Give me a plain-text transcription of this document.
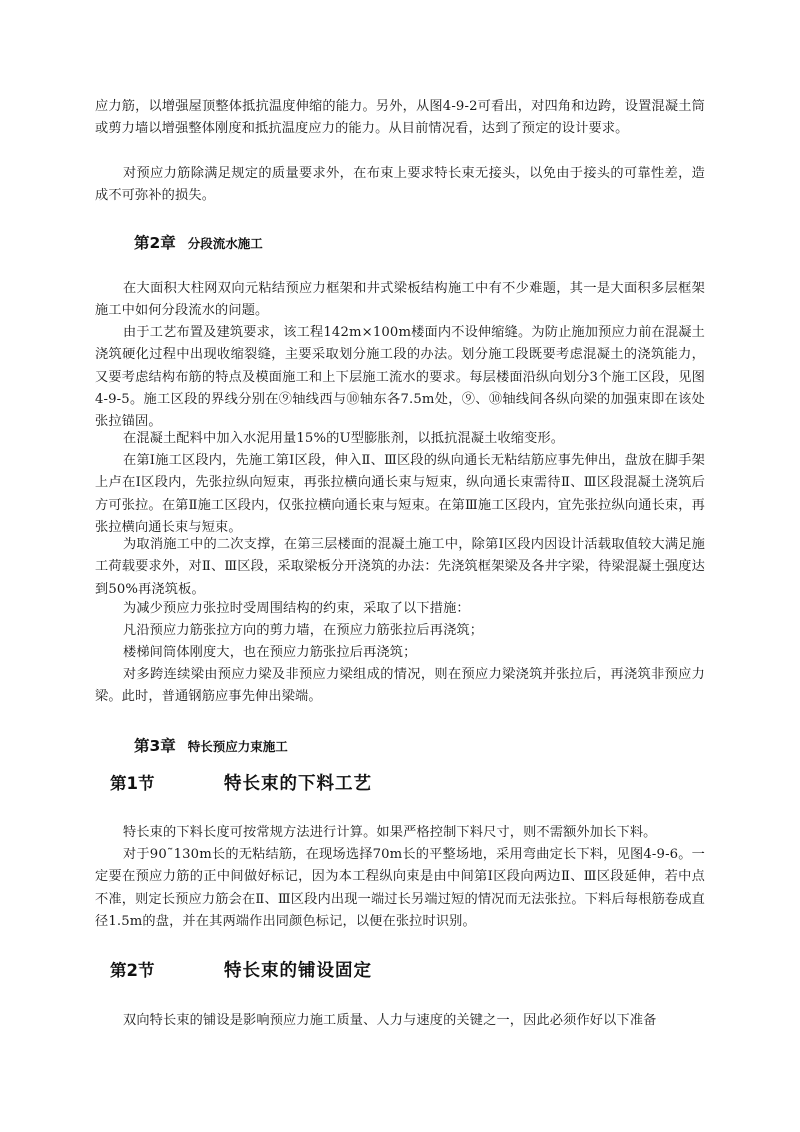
应力筋，以增强屋顶整体抵抗温度伸缩的能力。另外，从图4-9-2可看出，对四角和边跨，设置混凝土筒或剪力墙以增强整体刚度和抵抗温度应力的能力。从目前情况看，达到了预定的设计要求。

对预应力筋除满足规定的质量要求外，在布束上要求特长束无接头，以免由于接头的可靠性差，造成不可弥补的损失。

第2章 分段流水施工

在大面积大柱网双向元粘结预应力框架和井式梁板结构施工中有不少难题，其一是大面积多层框架施工中如何分段流水的问题。

由于工艺布置及建筑要求，该工程142m×100m楼面内不设伸缩缝。为防止施加预应力前在混凝土浇筑硬化过程中出现收缩裂缝，主要采取划分施工段的办法。划分施工段既要考虑混凝土的浇筑能力，又要考虑结构布筋的特点及模面施工和上下层施工流水的要求。每层楼面沿纵向划分3个施工区段，见图4-9-5。施工区段的界线分别在⑨轴线西与⑩轴东各7.5m处，⑨、⑩轴线间各纵向梁的加强束即在该处张拉锚固。

在混凝土配料中加入水泥用量15%的U型膨胀剂，以抵抗混凝土收缩变形。

在第Ⅰ施工区段内，先施工第Ⅰ区段，伸入Ⅱ、Ⅲ区段的纵向通长无粘结筋应事先伸出，盘放在脚手架上卢在Ⅰ区段内，先张拉纵向短束，再张拉横向通长束与短束，纵向通长束需待Ⅱ、Ⅲ区段混凝土浇筑后方可张拉。在第Ⅱ施工区段内，仅张拉横向通长束与短束。在第Ⅲ施工区段内，宜先张拉纵向通长束，再张拉横向通长束与短束。

为取消施工中的二次支撑，在第三层楼面的混凝土施工中，除第Ⅰ区段内因设计活载取值较大满足施工荷载要求外，对Ⅱ、Ⅲ区段，采取梁板分开浇筑的办法：先浇筑框架梁及各井字梁，待梁混凝土强度达到50%再浇筑板。

为减少预应力张拉时受周围结构的约束，采取了以下措施：

凡沿预应力筋张拉方向的剪力墙，在预应力筋张拉后再浇筑；

楼梯间筒体刚度大，也在预应力筋张拉后再浇筑；

对多跨连续梁由预应力梁及非预应力梁组成的情况，则在预应力梁浇筑并张拉后，再浇筑非预应力梁。此时，普通钢筋应事先伸出梁端。

第3章 特长预应力束施工
第1节	特长束的下料工艺

特长束的下料长度可按常规方法进行计算。如果严格控制下料尺寸，则不需额外加长下料。

对于90˜130m长的无粘结筋，在现场选择70m长的平整场地，采用弯曲定长下料，见图4-9-6。一定要在预应力筋的正中间做好标记，因为本工程纵向束是由中间第Ⅰ区段向两边Ⅱ、Ⅲ区段延伸，若中点不准，则定长预应力筋会在Ⅱ、Ⅲ区段内出现一端过长另端过短的情况而无法张拉。下料后每根筋卷成直径1.5m的盘，并在其两端作出同颜色标记，以便在张拉时识别。

第2节	特长束的铺设固定

双向特长束的铺设是影响预应力施工质量、人力与速度的关键之一，因此必须作好以下准备
